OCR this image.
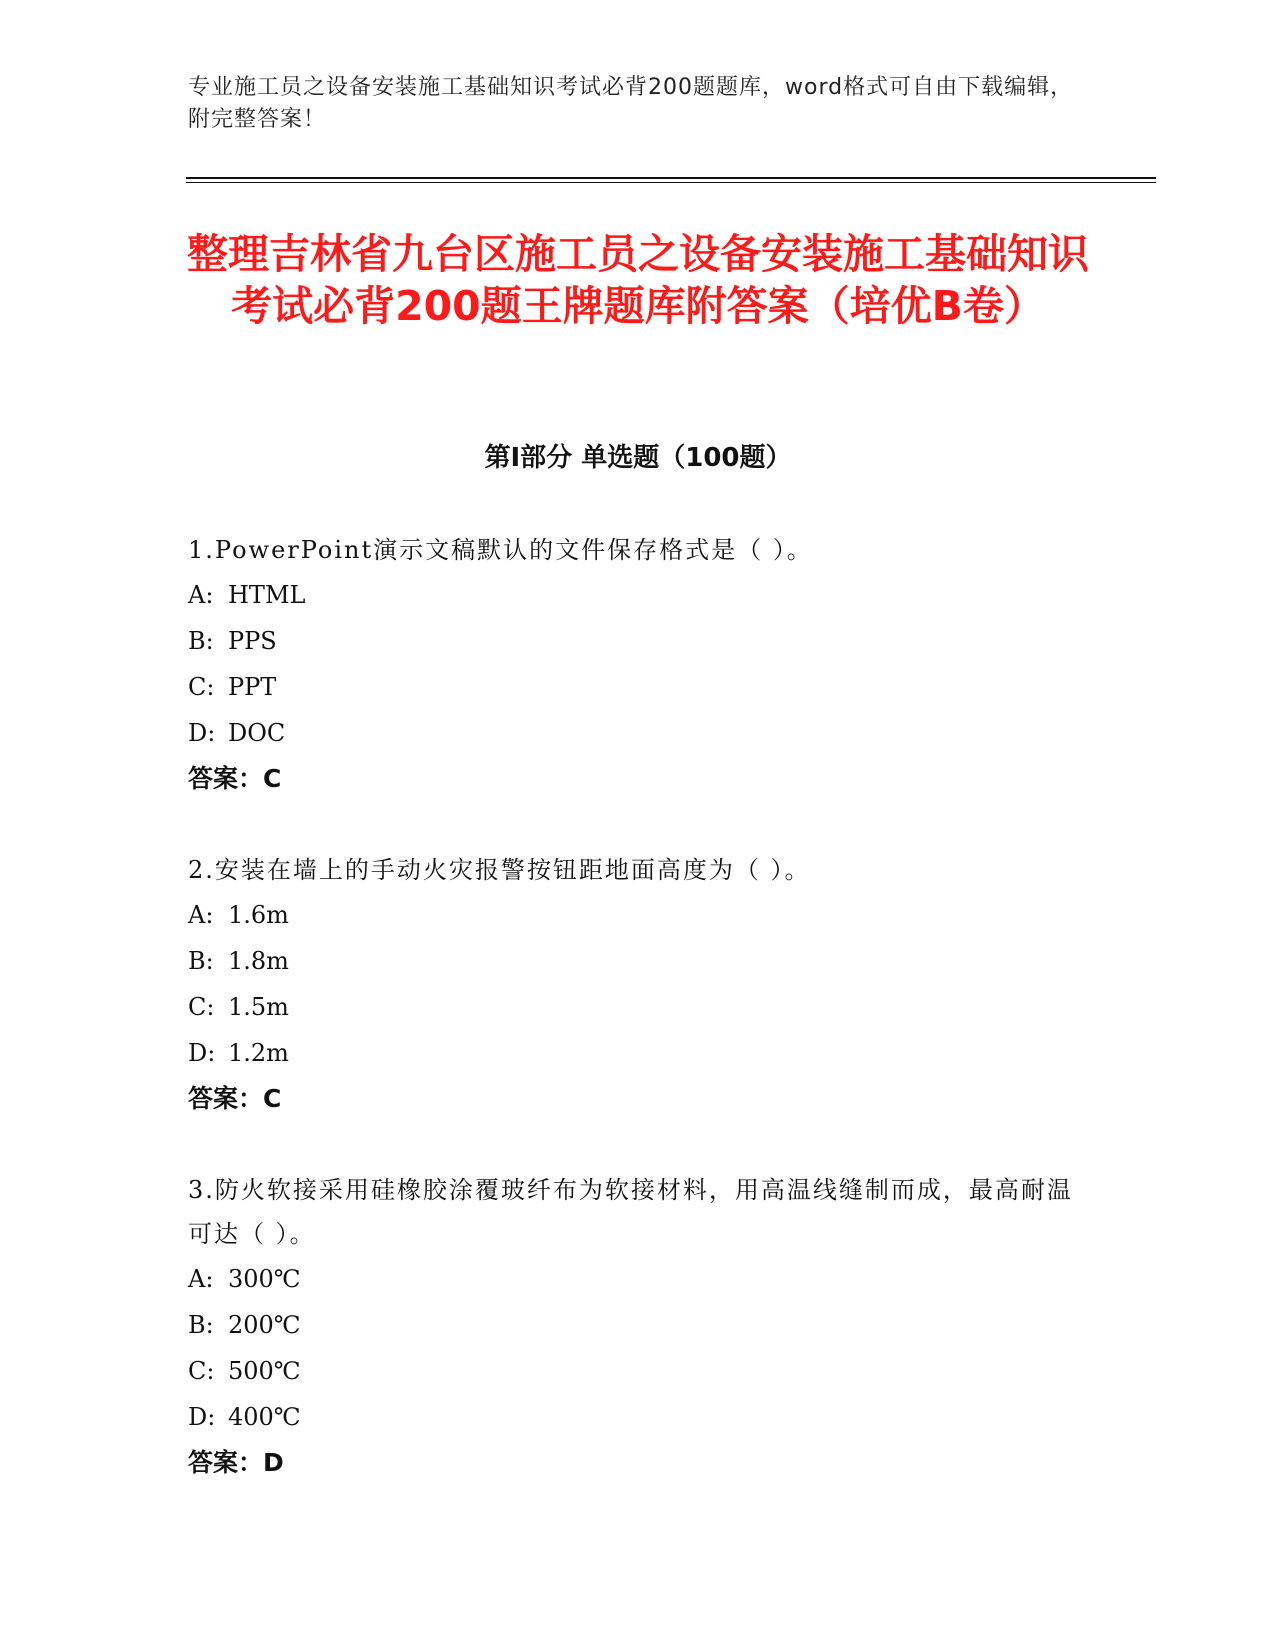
专业施工员之设备安装施工基础知识考试必背200题题库，word格式可自由下载编辑，附完整答案！
整理吉林省九台区施工员之设备安装施工基础知识考试必背200题王牌题库附答案（培优B卷）
第Ⅰ部分 单选题（100题）

1.PowerPoint演示文稿默认的文件保存格式是（ ）。

A: HTML

B: PPS

C: PPT

D: DOC

答案：C

2.安装在墙上的手动火灾报警按钮距地面高度为（ ）。

A: 1.6m

B: 1.8m

C: 1.5m

D: 1.2m

答案：C

3.防火软接采用硅橡胶涂覆玻纤布为软接材料，用高温线缝制而成，最高耐温可达（ ）。

A: 300℃

B: 200℃

C: 500℃

D: 400℃

答案：D
